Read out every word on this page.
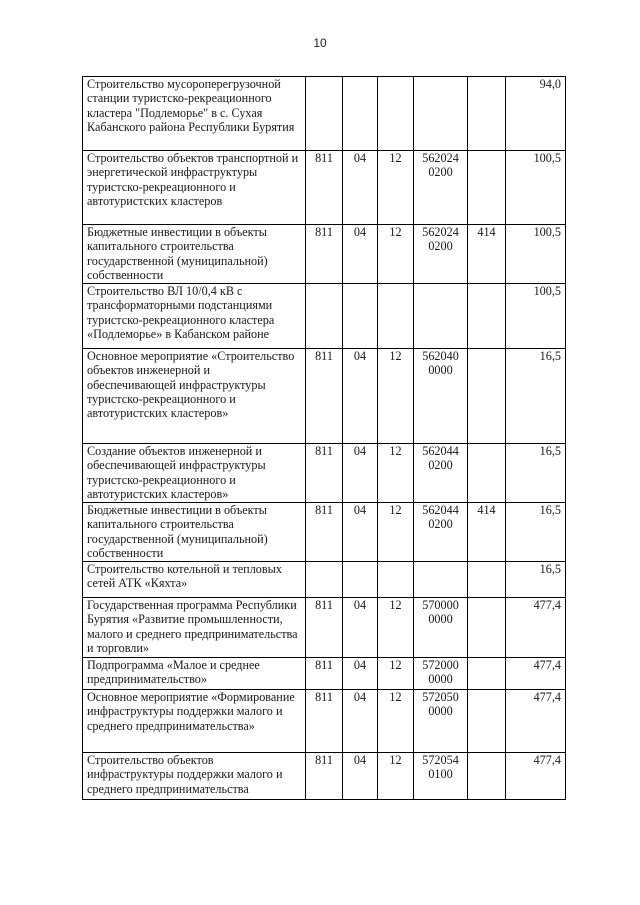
10
Строительство мусороперегрузочной станции туристско-рекреационного кластера "Подлеморье" в с. Сухая Кабанского района Республики Бурятия						94,0
Строительство объектов транспортной и энергетической инфраструктуры туристско-рекреационного и автотуристских кластеров	811	04	12	562024 0200		100,5
Бюджетные инвестиции в объекты капитального строительства государственной (муниципальной) собственности	811	04	12	562024 0200	414	100,5
Строительство ВЛ 10/0,4 кВ с трансформаторными подстанциями туристско-рекреационного кластера «Подлеморье» в Кабанском районе						100,5
Основное мероприятие «Строительство объектов инженерной и обеспечивающей инфраструктуры туристско-рекреационного и автотуристских кластеров»	811	04	12	562040 0000		16,5
Создание объектов инженерной и обеспечивающей инфраструктуры туристско-рекреационного и автотуристских кластеров»	811	04	12	562044 0200		16,5
Бюджетные инвестиции в объекты капитального строительства государственной (муниципальной) собственности	811	04	12	562044 0200	414	16,5
Строительство котельной и тепловых сетей АТК «Кяхта»						16,5
Государственная программа Республики Бурятия «Развитие промышленности, малого и среднего предпринимательства и торговли»	811	04	12	570000 0000		477,4
Подпрограмма «Малое и среднее предпринимательство»	811	04	12	572000 0000		477,4
Основное мероприятие «Формирование инфраструктуры поддержки малого и среднего предпринимательства»	811	04	12	572050 0000		477,4
Строительство объектов инфраструктуры поддержки малого и среднего предпринимательства	811	04	12	572054 0100		477,4
